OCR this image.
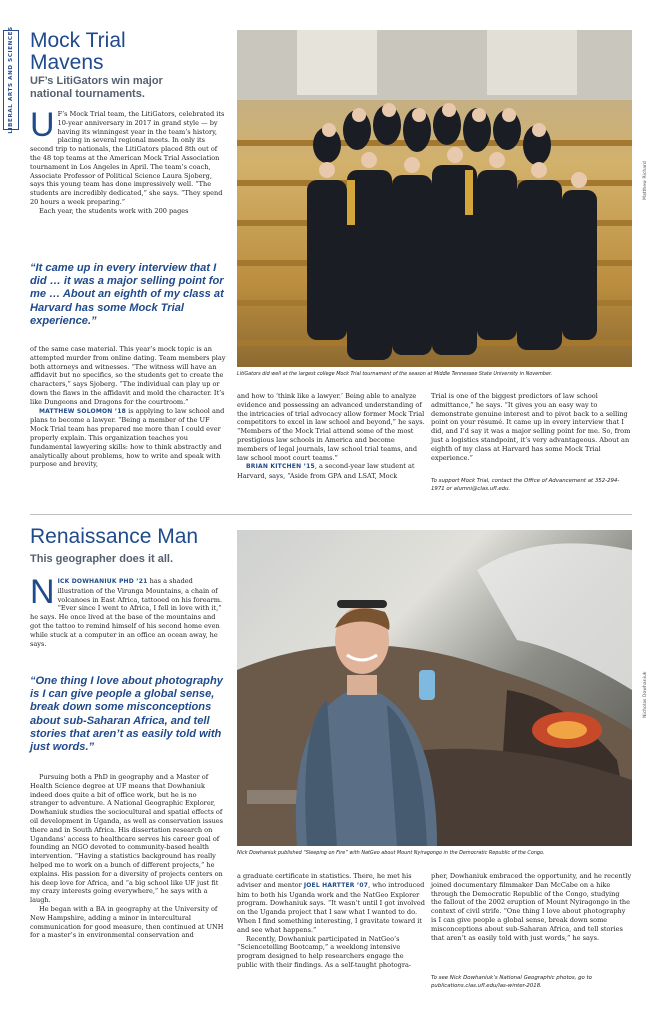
LIBERAL ARTS AND SCIENCES Mock Trial Mavens
UF’s LitiGators win major national tournaments.
U F’s Mock Trial team, the LitiGators, celebrated its 10-year anniversary in 2017 in grand style — by having its winningest year in the team’s history, placing in several regional meets. In only its second trip to nationals, the LitiGators placed 8th out of the 48 top teams at the American Mock Trial Association tournament in Los Angeles in April. The team’s coach, Associate Professor of Political Science Laura Sjoberg, says this young team has done impressively well. “The students are incredibly dedicated,” she says. “They spend 20 hours a week preparing.”

Each year, the students work with 200 pages

“It came up in every interview that I did … it was a major selling point for me … About an eighth of my class at Harvard has some Mock Trial experience.”

of the same case material. This year’s mock topic is an attempted murder from online dating. Team members play both attorneys and witnesses. “The witness will have an affidavit but no specifics, so the students get to create the characters,” says Sjoberg. “The individual can play up or down the flaws in the affidavit and mold the character. It’s like Dungeons and Dragons for the courtroom.”

MATTHEW SOLOMON ’18 is applying to law school and plans to become a lawyer. “Being a member of the UF Mock Trial team has prepared me more than I could ever properly explain. This organization teaches you fundamental lawyering skills: how to think abstractly and analytically about problems, how to write and speak with purpose and brevity,

LitiGators did well at the largest college Mock Trial tournament of the season at Middle Tennessee State University in November.
Matthew Richard

and how to ‘think like a lawyer.’ Being able to analyze evidence and possessing an advanced understanding of the intricacies of trial advocacy allow former Mock Trial competitors to excel in law school and beyond,” he says. “Members of the Mock Trial attend some of the most prestigious law schools in America and become members of legal journals, law school trial teams, and law school moot court teams.”

BRIAN KITCHEN ’15, a second-year law student at Harvard, says, “Aside from GPA and LSAT, Mock

Trial is one of the biggest predictors of law school admittance,” he says. “It gives you an easy way to demonstrate genuine interest and to pivot back to a selling point on your résumé. It came up in every interview that I did, and I’d say it was a major selling point for me. So, from just a logistics standpoint, it’s very advantageous. About an eighth of my class at Harvard has some Mock Trial experience.”

To support Mock Trial, contact the Office of Advancement at 352-294-1971 or alumni@clas.ufl.edu.
Renaissance Man
This geographer does it all.
N ICK DOWHANIUK PHD ’21 has a shaded illustration of the Virunga Mountains, a chain of volcanoes in East Africa, tattooed on his forearm. “Ever since I went to Africa, I fell in love with it,” he says. He once lived at the base of the mountains and got the tattoo to remind himself of his second home even while stuck at a computer in an office an ocean away, he says.

“One thing I love about photography is I can give people a global sense, break down some misconceptions about sub-Saharan Africa, and tell stories that aren’t as easily told with just words.”

Pursuing both a PhD in geography and a Master of Health Science degree at UF means that Dowhaniuk indeed does quite a bit of office work, but he is no stranger to adventure. A National Geographic Explorer, Dowhaniuk studies the sociocultural and spatial effects of oil development in Uganda, as well as conservation issues there and in South Africa. His dissertation research on Ugandans’ access to healthcare serves his career goal of founding an NGO devoted to community-based health intervention. “Having a statistics background has really helped me to work on a bunch of different projects,” he explains. His passion for a diversity of projects centers on his deep love for Africa, and “a big school like UF just fit my crazy interests going everywhere,” he says with a laugh.

He began with a BA in geography at the University of New Hampshire, adding a minor in intercultural communication for good measure, then continued at UNH for a master’s in environmental conservation and

Nick Dowhaniuk published “Sleeping on Fire” with NatGeo about Mount Nyiragongo in the Democratic Republic of the Congo.
Nicholas Dowhaniuk

a graduate certificate in statistics. There, he met his adviser and mentor JOEL HARTTER ’07, who introduced him to both his Uganda work and the NatGeo Explorer program. Dowhaniuk says. “It wasn’t until I got involved on the Uganda project that I saw what I wanted to do. When I find something interesting, I gravitate toward it and see what happens.”

Recently, Dowhaniuk participated in NatGeo’s “Sciencetelling Bootcamp,” a weeklong intensive program designed to help researchers engage the public with their findings. As a self-taught photogra-

pher, Dowhaniuk embraced the opportunity, and he recently joined documentary filmmaker Dan McCabe on a hike through the Democratic Republic of the Congo, studying the fallout of the 2002 eruption of Mount Nyiragongo in the context of civil strife. “One thing I love about photography is I can give people a global sense, break down some misconceptions about sub-Saharan Africa, and tell stories that aren’t as easily told with just words,” he says.

To see Nick Dowhaniuk’s National Geographic photos, go to publications.clas.ufl.edu/las-winter-2018.
